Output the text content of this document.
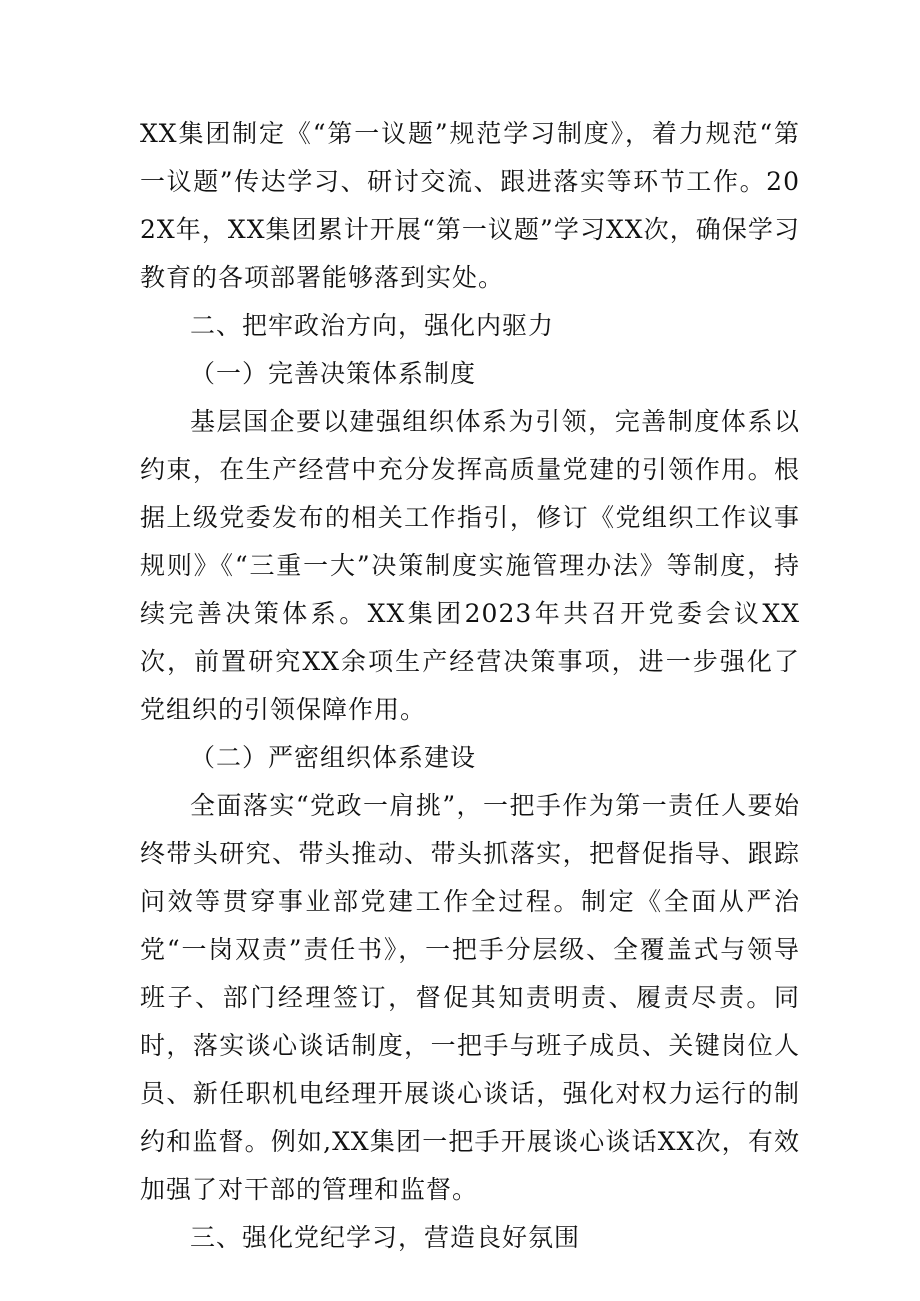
XX集团制定《“第一议题”规范学习制度》，着力规范“第一议题”传达学习、研讨交流、跟进落实等环节工作。202X年，XX集团累计开展“第一议题”学习XX次，确保学习教育的各项部署能够落到实处。

二、把牢政治方向，强化内驱力

（一）完善决策体系制度

基层国企要以建强组织体系为引领，完善制度体系以约束，在生产经营中充分发挥高质量党建的引领作用。根据上级党委发布的相关工作指引，修订《党组织工作议事规则》《“三重一大”决策制度实施管理办法》等制度，持续完善决策体系。XX集团2023年共召开党委会议XX次，前置研究XX余项生产经营决策事项，进一步强化了党组织的引领保障作用。

（二）严密组织体系建设

全面落实“党政一肩挑”，一把手作为第一责任人要始终带头研究、带头推动、带头抓落实，把督促指导、跟踪问效等贯穿事业部党建工作全过程。制定《全面从严治党“一岗双责”责任书》，一把手分层级、全覆盖式与领导班子、部门经理签订，督促其知责明责、履责尽责。同时，落实谈心谈话制度，一把手与班子成员、关键岗位人员、新任职机电经理开展谈心谈话，强化对权力运行的制约和监督。例如,XX集团一把手开展谈心谈话XX次，有效加强了对干部的管理和监督。

三、强化党纪学习，营造良好氛围
